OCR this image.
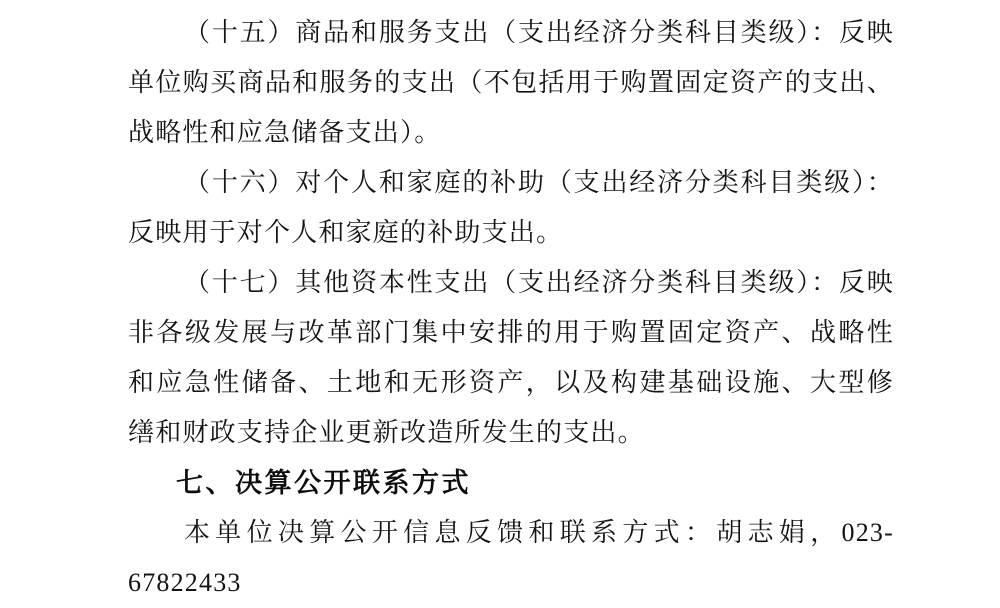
（十五）商品和服务支出（支出经济分类科目类级）：反映
单位购买商品和服务的支出（不包括用于购置固定资产的支出、
战略性和应急储备支出）。
（十六）对个人和家庭的补助（支出经济分类科目类级）：
反映用于对个人和家庭的补助支出。
（十七）其他资本性支出（支出经济分类科目类级）：反映
非各级发展与改革部门集中安排的用于购置固定资产、战略性
和应急性储备、土地和无形资产，以及构建基础设施、大型修
缮和财政支持企业更新改造所发生的支出。
七、决算公开联系方式
本单位决算公开信息反馈和联系方式：胡志娟，023-
67822433
